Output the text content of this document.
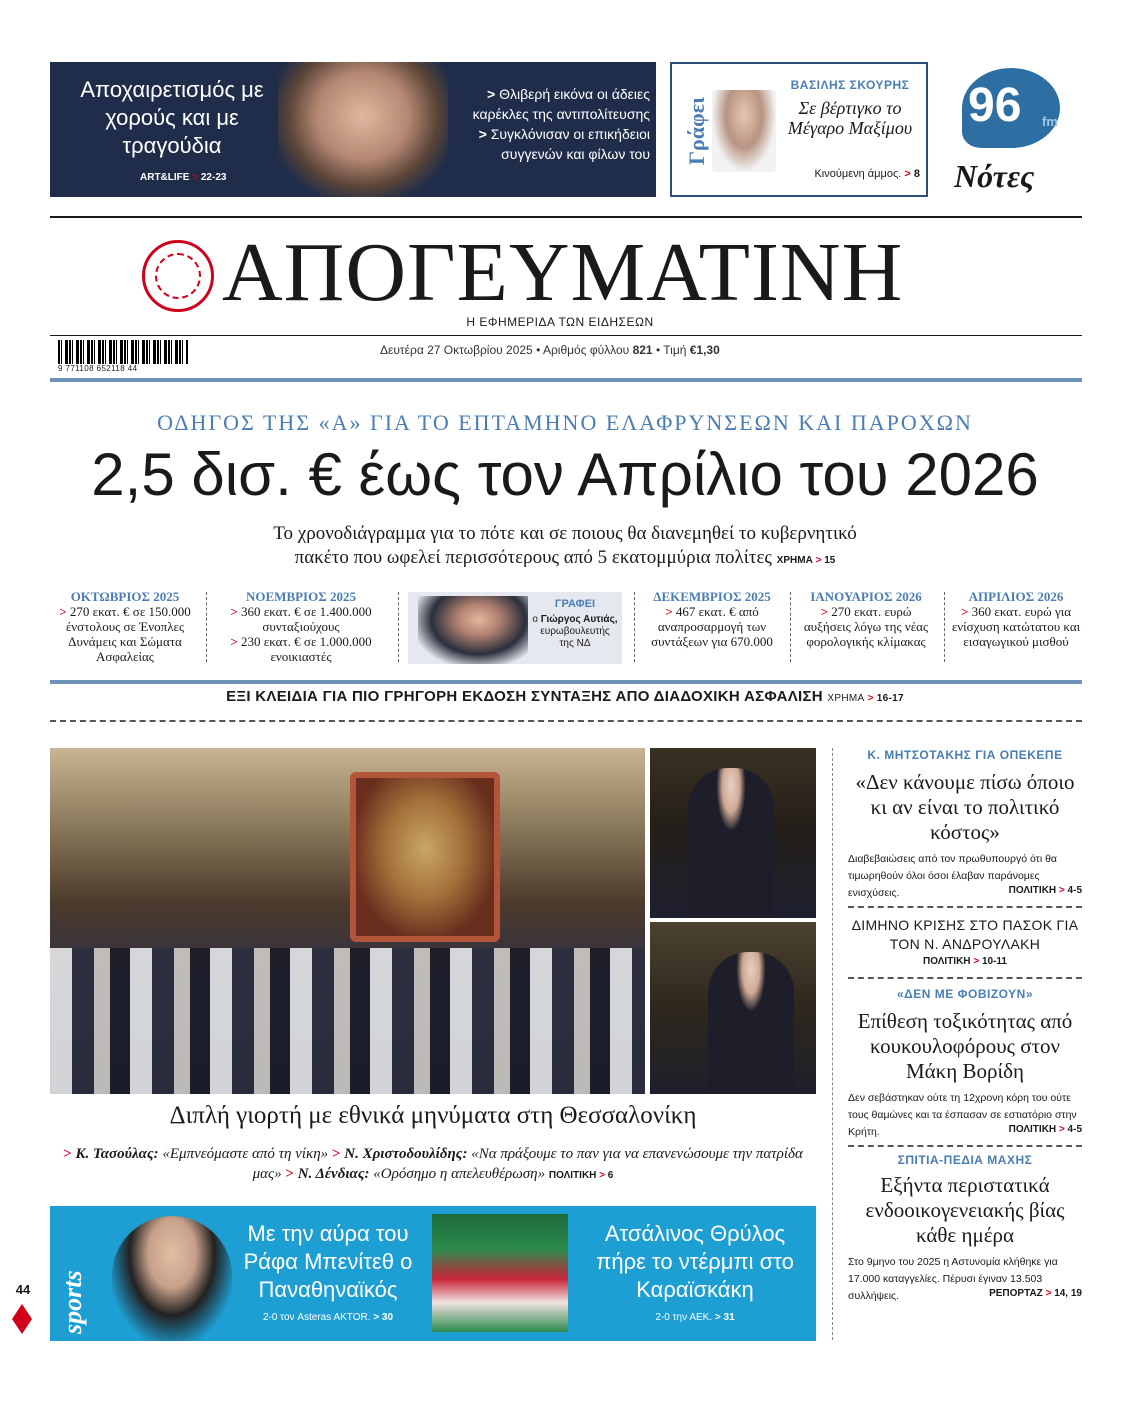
Αποχαιρετισμός με χορούς και με τραγούδια
ART&LIFE > 22-23
> Θλιβερή εικόνα οι άδειες καρέκλες της αντιπολίτευσης
> Συγκλόνισαν οι επικήδειοι συγγενών και φίλων του Γράφει
ΒΑΣΙΛΗΣ ΣΚΟΥΡΗΣ
Σε βέρτιγκο το Μέγαρο Μαξίμου
Κινούμενη άμμος. > 8
96 fm
Nότες
ΑΠΟΓΕΥΜΑΤΙΝΗ
Η ΕΦΗΜΕΡΙΔΑ ΤΩΝ ΕΙΔΗΣΕΩΝ
9 771108 652118 44
Δευτέρα 27 Οκτωβρίου 2025 • Αριθμός φύλλου 821 • Τιμή €1,30
ΟΔΗΓΟΣ ΤΗΣ «Α» ΓΙΑ ΤΟ ΕΠΤΑΜΗΝΟ ΕΛΑΦΡΥΝΣΕΩΝ ΚΑΙ ΠΑΡΟΧΩΝ
2,5 δισ. € έως τον Απρίλιο του 2026
Το χρονοδιάγραμμα για το πότε και σε ποιους θα διανεμηθεί το κυβερνητικό
πακέτο που ωφελεί περισσότερους από 5 εκατομμύρια πολίτες ΧΡΗΜΑ > 15
ΟΚΤΩΒΡΙΟΣ 2025
> 270 εκατ. € σε 150.000 ένστολους σε Ένοπλες Δυνάμεις και Σώματα Ασφαλείας
ΝΟΕΜΒΡΙΟΣ 2025
> 360 εκατ. € σε 1.400.000 συνταξιούχους
> 230 εκατ. € σε 1.000.000 ενοικιαστές
ΓΡΑΦΕΙ
ο Γιώργος Αυτιάς, ευρωβουλευτής της ΝΔ
ΔΕΚΕΜΒΡΙΟΣ 2025
> 467 εκατ. € από αναπροσαρμογή των συντάξεων για 670.000
ΙΑΝΟΥΑΡΙΟΣ 2026
> 270 εκατ. ευρώ αυξήσεις λόγω της νέας φορολογικής κλίμακας
ΑΠΡΙΛΙΟΣ 2026
> 360 εκατ. ευρώ για ενίσχυση κατώτατου και εισαγωγικού μισθού
ΕΞΙ ΚΛΕΙΔΙΑ ΓΙΑ ΠΙΟ ΓΡΗΓΟΡΗ ΕΚΔΟΣΗ ΣΥΝΤΑΞΗΣ ΑΠΟ ΔΙΑΔΟΧΙΚΗ ΑΣΦΑΛΙΣΗ ΧΡΗΜΑ > 16-17
Διπλή γιορτή με εθνικά μηνύματα στη Θεσσαλονίκη
> Κ. Τασούλας: «Εμπνεόμαστε από τη νίκη» > Ν. Χριστοδουλίδης: «Να πράξουμε το παν για να επανενώσουμε την πατρίδα μας» > Ν. Δένδιας: «Ορόσημο η απελευθέρωση» ΠΟΛΙΤΙΚΗ > 6
Κ. ΜΗΤΣΟΤΑΚΗΣ ΓΙΑ ΟΠΕΚΕΠΕ
«Δεν κάνουμε πίσω όποιο κι αν είναι το πολιτικό κόστος»
Διαβεβαιώσεις από τον πρωθυπουργό ότι θα τιμωρηθούν όλοι όσοι έλαβαν παράνομες ενισχύσεις.	ΠΟΛΙΤΙΚΗ > 4-5
ΔΙΜΗΝΟ ΚΡΙΣΗΣ ΣΤΟ ΠΑΣΟΚ ΓΙΑ ΤΟΝ Ν. ΑΝΔΡΟΥΛΑΚΗ
ΠΟΛΙΤΙΚΗ > 10-11
«ΔΕΝ ΜΕ ΦΟΒΙΖΟΥΝ»
Επίθεση τοξικότητας από κουκουλοφόρους στον Μάκη Βορίδη
Δεν σεβάστηκαν ούτε τη 12χρονη κόρη του ούτε τους θαμώνες και τα έσπασαν σε εστιατόριο στην Κρήτη.	ΠΟΛΙΤΙΚΗ > 4-5
ΣΠΙΤΙΑ-ΠΕΔΙΑ ΜΑΧΗΣ
Εξήντα περιστατικά ενδοοικογενειακής βίας κάθε ημέρα
Στο 9μηνο του 2025 η Αστυνομία κλήθηκε για 17.000 καταγγελίες. Πέρυσι έγιναν 13.503 συλλήψεις.	ΡΕΠΟΡΤΑΖ > 14, 19
sports
Με την αύρα του Ράφα Μπενίτεθ ο Παναθηναϊκός
2-0 τον Asteras AKTOR. > 30
Ατσάλινος Θρύλος πήρε το ντέρμπι στο Καραϊσκάκη
2-0 την ΑΕΚ. > 31
44
